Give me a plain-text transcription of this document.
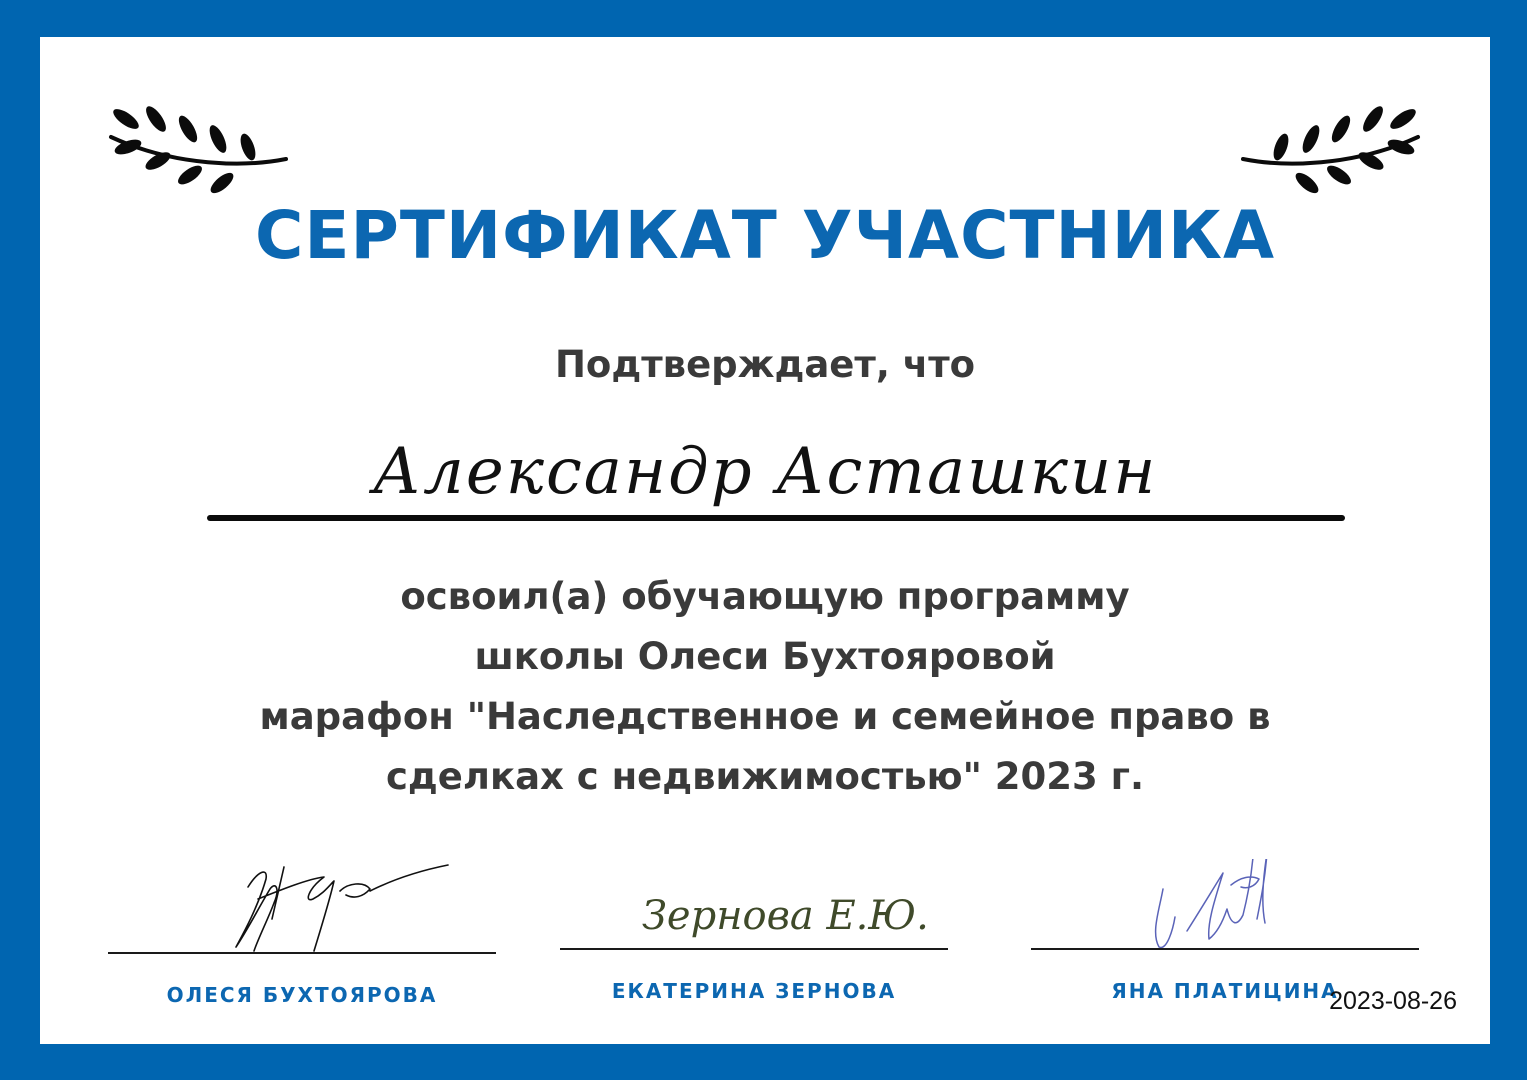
СЕРТИФИКАТ УЧАСТНИКА
Подтверждает, что
Александр Асташкин
освоил(а) обучающую программу
школы Олеси Бухтояровой
марафон "Наследственное и семейное право в
сделках с недвижимостью" 2023 г.
ОЛЕСЯ БУХТОЯРОВА
Зернова Е.Ю.
ЕКАТЕРИНА ЗЕРНОВА	ЯНА ПЛАТИЦИНА
2023-08-26
